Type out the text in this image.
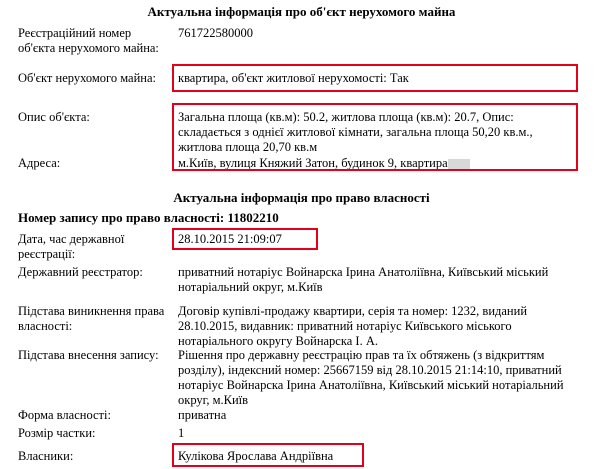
Актуальна інформація про об'єкт нерухомого майна
Реєстраційний номер об'єкта нерухомого майна:
761722580000
Об'єкт нерухомого майна:	квартира, об'єкт житлової нерухомості: Так
Опис об'єкта:	Загальна площа (кв.м): 50.2, житлова площа (кв.м): 20.7, Опис: складається з однієї житлової кімнати, загальна площа 50,20 кв.м., житлова площа 20,70 кв.м
Адреса:	м.Київ, вулиця Княжий Затон, будинок 9, квартира
Актуальна інформація про право власності
Номер запису про право власності: 11802210
Дата, час державної реєстрації:
28.10.2015 21:09:07
Державний реєстратор:	приватний нотаріус Войнарска Ірина Анатоліївна, Київський міський нотаріальний округ, м.Київ
Підстава виникнення права власності:
Договір купівлі-продажу квартири, серія та номер: 1232, виданий 28.10.2015, видавник: приватний нотаріус Київського міського нотаріального округу Войнарска І. А.
Підстава внесення запису:	Рішення про державну реєстрацію прав та їх обтяжень (з відкриттям розділу), індексний номер: 25667159 від 28.10.2015 21:14:10, приватний нотаріус Войнарска Ірина Анатоліївна, Київський міський нотаріальний округ, м.Київ
Форма власності:	приватна
Розмір частки:	1
Власники:	Кулікова Ярослава Андріївна
